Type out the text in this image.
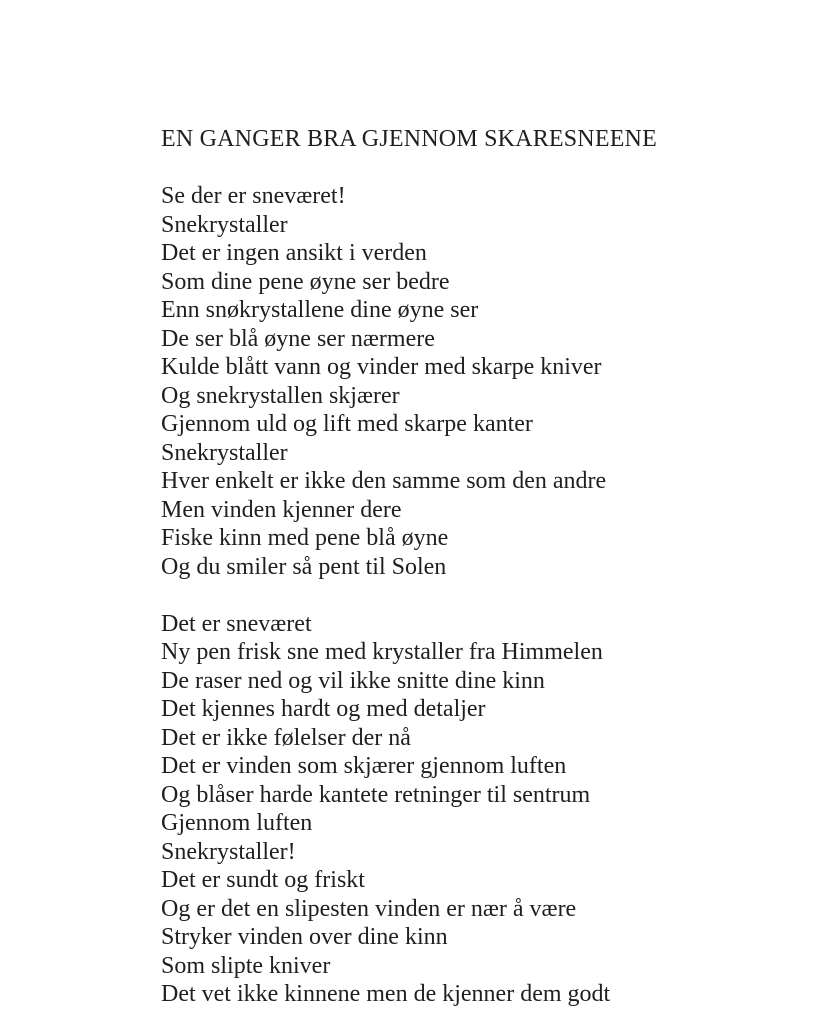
EN GANGER BRA GJENNOM SKARESNEENE
Se der er sneværet!
Snekrystaller
Det er ingen ansikt i verden
Som dine pene øyne ser bedre
Enn snøkrystallene dine øyne ser
De ser blå øyne ser nærmere
Kulde blått vann og vinder med skarpe kniver
Og snekrystallen skjærer
Gjennom uld og lift med skarpe kanter
Snekrystaller
Hver enkelt er ikke den samme som den andre
Men vinden kjenner dere
Fiske kinn med pene blå øyne
Og du smiler så pent til Solen
Det er sneværet
Ny pen frisk sne med krystaller fra Himmelen
De raser ned og vil ikke snitte dine kinn
Det kjennes hardt og med detaljer
Det er ikke følelser der nå
Det er vinden som skjærer gjennom luften
Og blåser harde kantete retninger til sentrum
Gjennom luften
Snekrystaller!
Det er sundt og friskt
Og er det en slipesten vinden er nær å være
Stryker vinden over dine kinn
Som slipte kniver
Det vet ikke kinnene men de kjenner dem godt
